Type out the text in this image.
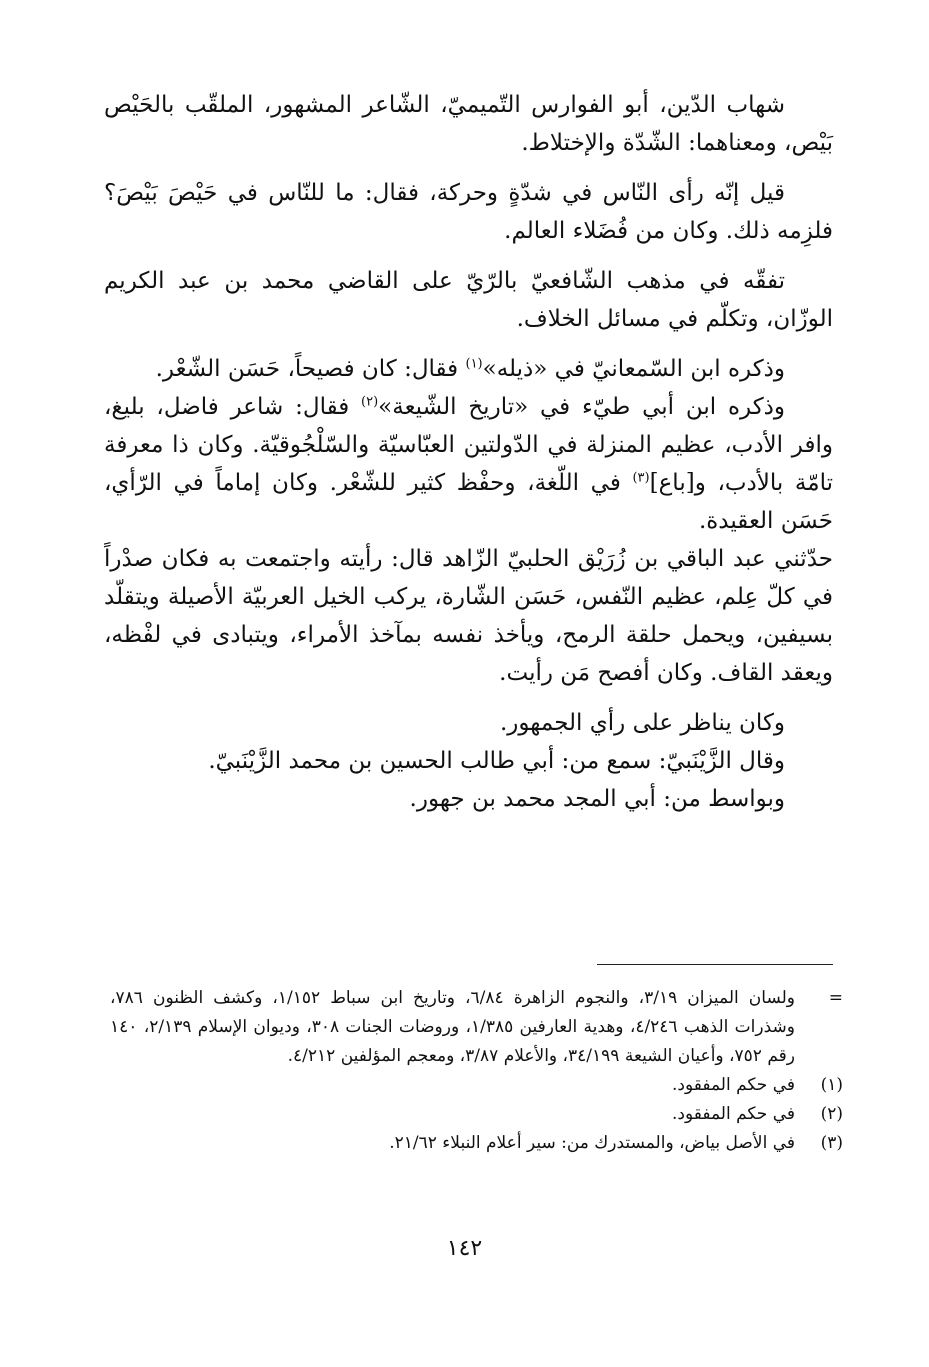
شهاب الدّين، أبو الفوارس التّميميّ، الشّاعر المشهور، الملقّب بالحَيْص بَيْص، ومعناهما: الشّدّة والإختلاط.

قيل إنّه رأى النّاس في شدّةٍ وحركة، فقال: ما للنّاس في حَيْصَ بَيْصَ؟ فلزِمه ذلك. وكان من فُضَلاء العالم.

تفقّه في مذهب الشّافعيّ بالرّيّ على القاضي محمد بن عبد الكريم الوزّان، وتكلّم في مسائل الخلاف.

وذكره ابن السّمعانيّ في «ذيله»$^{(١)}$ فقال: كان فصيحاً، حَسَن الشّعْر.

وذكره ابن أبي طيّء في «تاريخ الشّيعة»$^{(٢)}$ فقال: شاعر فاضل، بليغ، وافر الأدب، عظيم المنزلة في الدّولتين العبّاسيّة والسّلْجُوقيّة. وكان ذا معرفة تامّة بالأدب، و[باع]$^{(٣)}$ في اللّغة، وحفْظ كثير للشّعْر. وكان إماماً في الرّأي، حَسَن العقيدة.

حدّثني عبد الباقي بن زُرَيْق الحلبيّ الزّاهد قال: رأيته واجتمعت به فكان صدْراً في كلّ عِلم، عظيم النّفس، حَسَن الشّارة، يركب الخيل العربيّة الأصيلة ويتقلّد بسيفين، ويحمل حلقة الرمح، ويأخذ نفسه بمآخذ الأمراء، ويتبادى في لفْظه، ويعقد القاف. وكان أفصح مَن رأيت.

وكان يناظر على رأي الجمهور.

وقال الزَّيْنَبيّ: سمع من: أبي طالب الحسين بن محمد الزَّيْنَبيّ.

وبواسط من: أبي المجد محمد بن جهور.

=
ولسان الميزان ٣/١٩، والنجوم الزاهرة ٦/٨٤، وتاريخ ابن سباط ١/١٥٢، وكشف الظنون ٧٨٦، وشذرات الذهب ٤/٢٤٦، وهدية العارفين ١/٣٨٥، وروضات الجنات ٣٠٨، وديوان الإسلام ٢/١٣٩، ١٤٠ رقم ٧٥٢، وأعيان الشيعة ٣٤/١٩٩، والأعلام ٣/٨٧، ومعجم المؤلفين ٤/٢١٢.
(١)
في حكم المفقود.
(٢)
في حكم المفقود.
(٣)
في الأصل بياض، والمستدرك من: سير أعلام النبلاء ٢١/٦٢.
١٤٢
